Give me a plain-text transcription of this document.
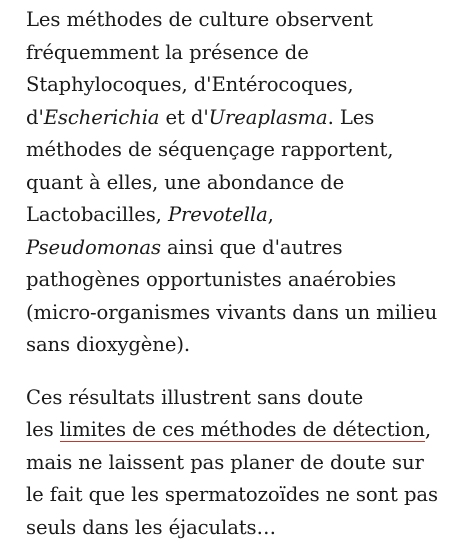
Les méthodes de culture observent
fréquemment la présence de
Staphylocoques, d'Entérocoques,
d'Escherichia et d'Ureaplasma. Les
méthodes de séquençage rapportent,
quant à elles, une abondance de
Lactobacilles, Prevotella,
Pseudomonas ainsi que d'autres
pathogènes opportunistes anaérobies
(micro-organismes vivants dans un milieu
sans dioxygène).

Ces résultats illustrent sans doute
les limites de ces méthodes de détection,
mais ne laissent pas planer de doute sur
le fait que les spermatozoïdes ne sont pas
seuls dans les éjaculats…
